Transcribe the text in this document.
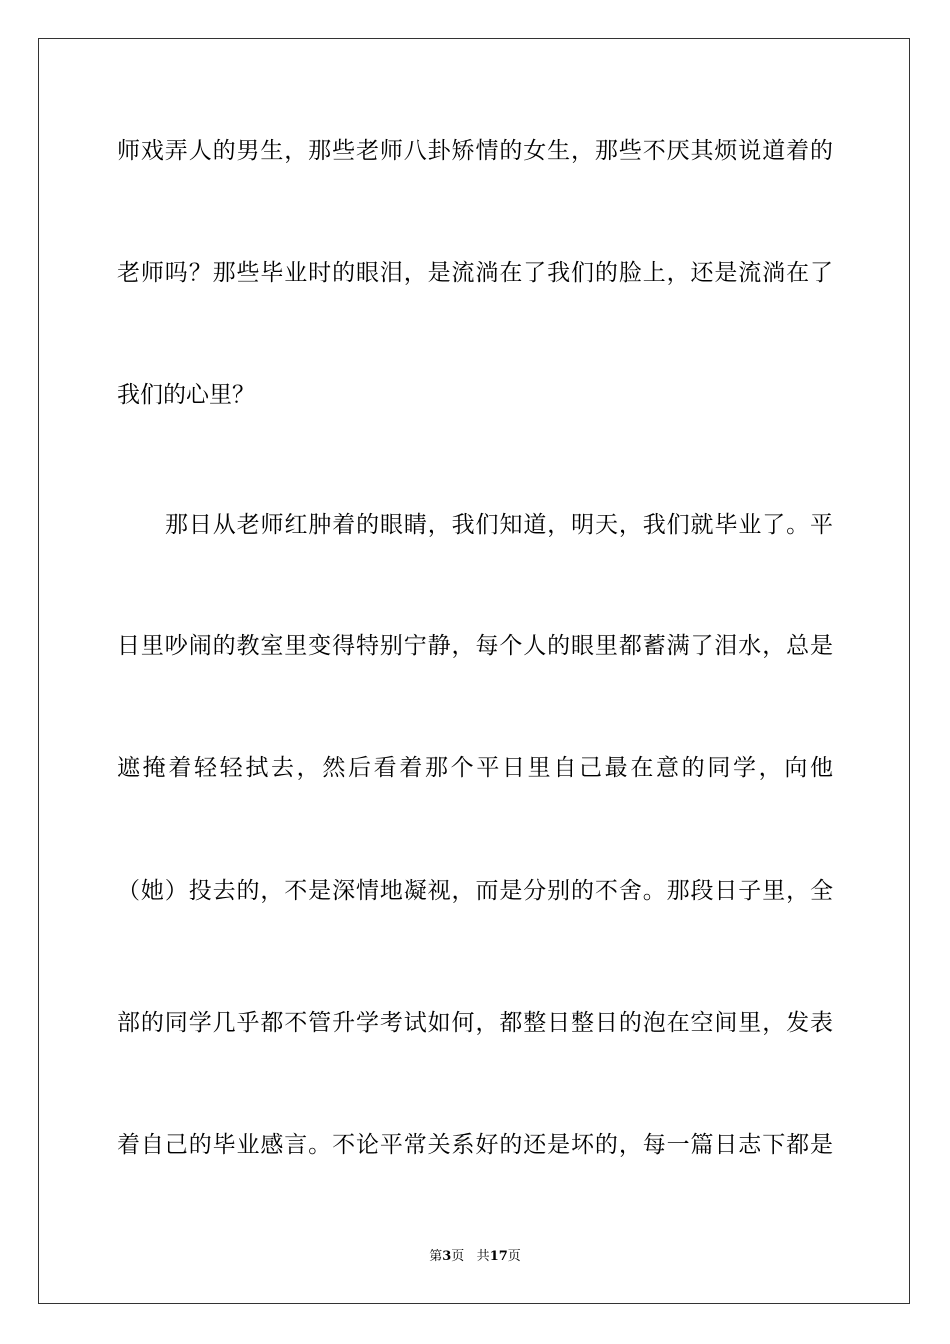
师戏弄人的男生，那些老师八卦矫情的女生，那些不厌其烦说道着的
老师吗？那些毕业时的眼泪，是流淌在了我们的脸上，还是流淌在了
我们的心里？
那日从老师红肿着的眼睛，我们知道，明天，我们就毕业了。平
日里吵闹的教室里变得特别宁静，每个人的眼里都蓄满了泪水，总是
遮掩着轻轻拭去，然后看着那个平日里自己最在意的同学，向他
（她）投去的，不是深情地凝视，而是分别的不舍。那段日子里，全
部的同学几乎都不管升学考试如何，都整日整日的泡在空间里，发表
着自己的毕业感言。不论平常关系好的还是坏的，每一篇日志下都是
第3页 共17页
